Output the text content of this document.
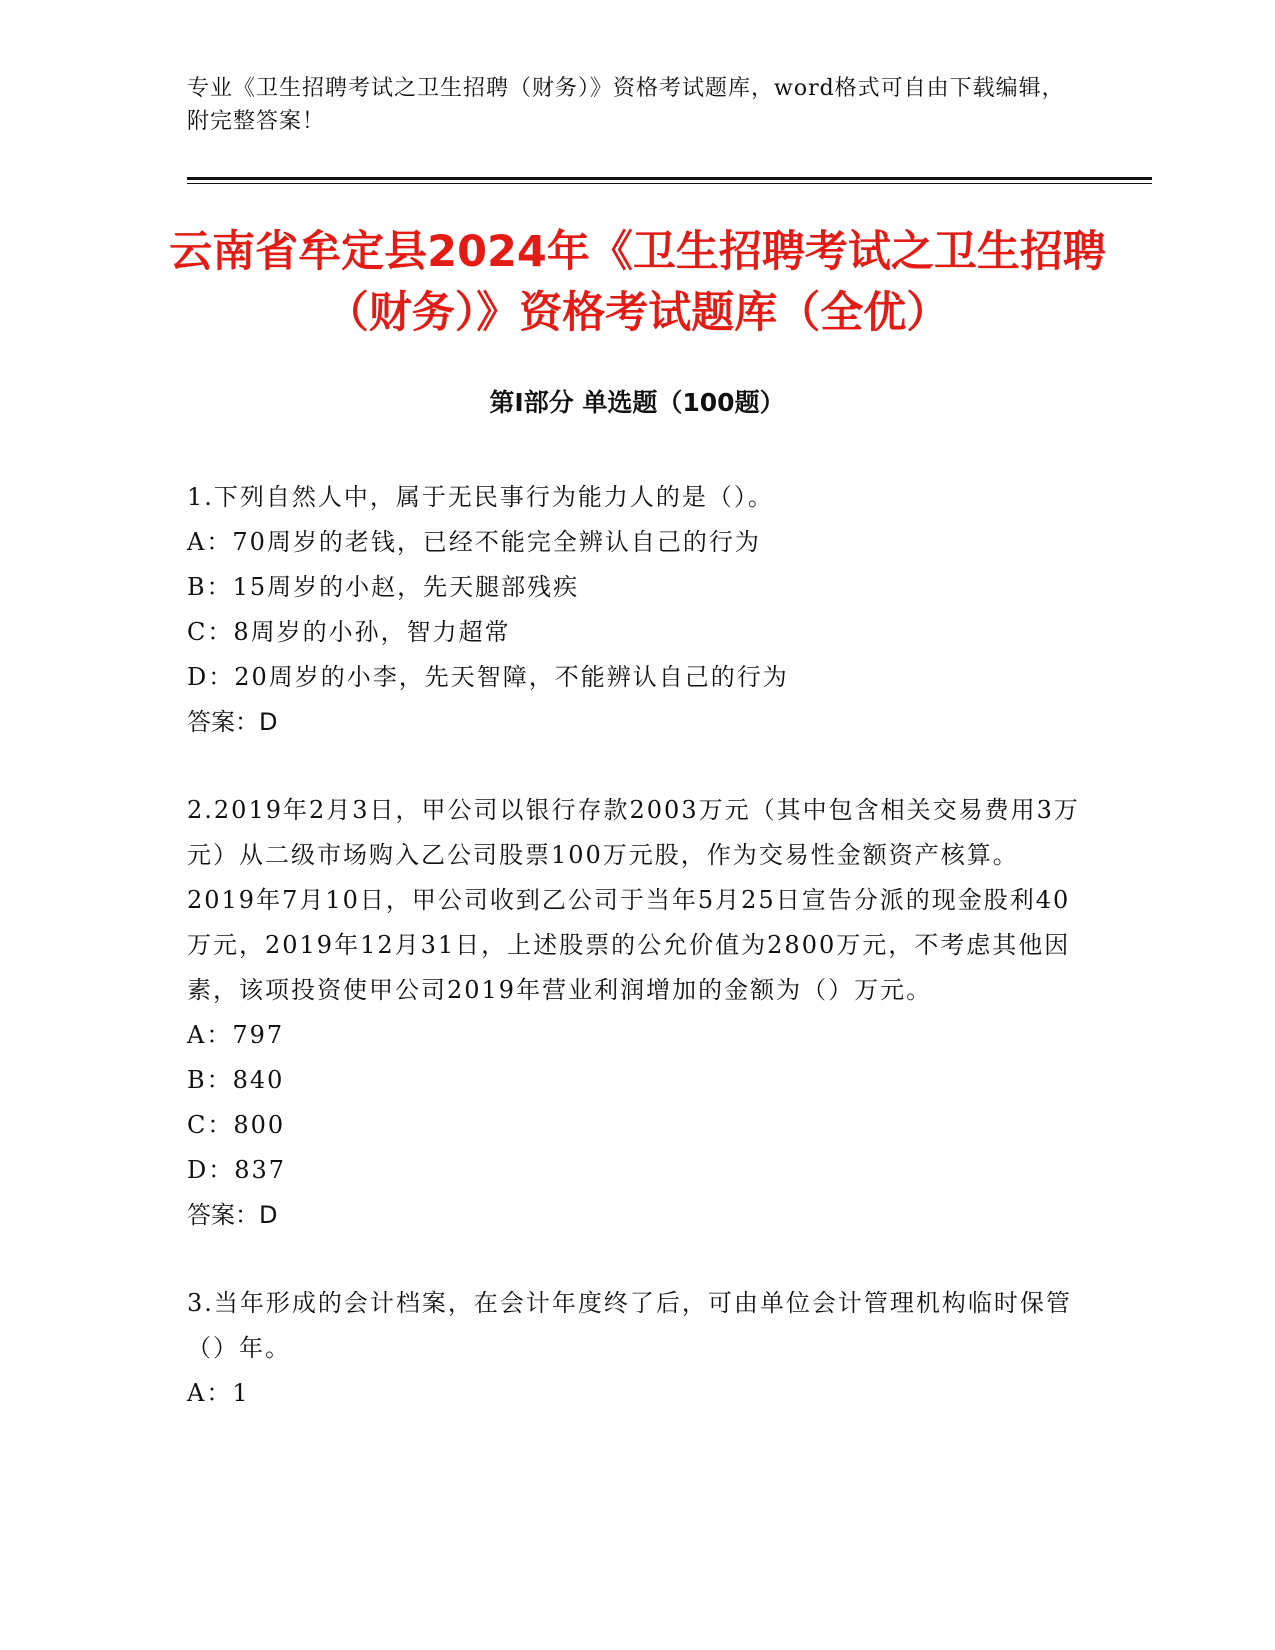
专业《卫生招聘考试之卫生招聘（财务）》资格考试题库，word格式可自由下载编辑，附完整答案！
云南省牟定县2024年《卫生招聘考试之卫生招聘（财务）》资格考试题库（全优）
第Ⅰ部分 单选题（100题）
1.下列自然人中，属于无民事行为能力人的是（）。
A：70周岁的老钱，已经不能完全辨认自己的行为
B：15周岁的小赵，先天腿部残疾
C：8周岁的小孙，智力超常
D：20周岁的小李，先天智障，不能辨认自己的行为
答案：D
2.2019年2月3日，甲公司以银行存款2003万元（其中包含相关交易费用3万元）从二级市场购入乙公司股票100万元股，作为交易性金额资产核算。2019年7月10日，甲公司收到乙公司于当年5月25日宣告分派的现金股利40万元，2019年12月31日，上述股票的公允价值为2800万元，不考虑其他因素，该项投资使甲公司2019年营业利润增加的金额为（）万元。
A：797
B：840
C：800
D：837
答案：D
3.当年形成的会计档案，在会计年度终了后，可由单位会计管理机构临时保管（）年。
A：1
